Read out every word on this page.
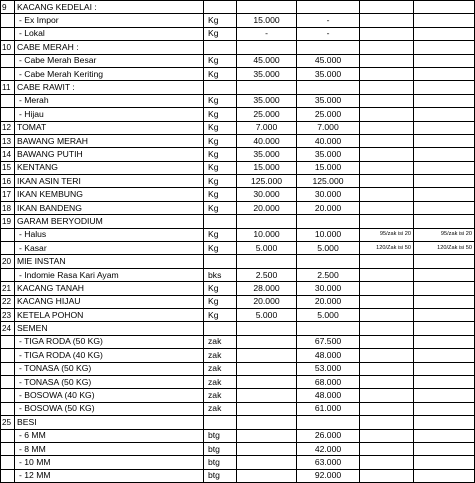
9	KACANG KEDELAI :					
	- Ex Impor	Kg	15.000	-		
	- Lokal	Kg	-	-		
10	CABE MERAH :					
	- Cabe Merah Besar	Kg	45.000	45.000		
	- Cabe Merah Keriting	Kg	35.000	35.000		
11	CABE RAWIT :					
	- Merah	Kg	35.000	35.000		
	- Hijau	Kg	25.000	25.000		
12	TOMAT	Kg	7.000	7.000		
13	BAWANG MERAH	Kg	40.000	40.000		
14	BAWANG PUTIH	Kg	35.000	35.000		
15	KENTANG	Kg	15.000	15.000		
16	IKAN ASIN TERI	Kg	125.000	125.000		
17	IKAN KEMBUNG	Kg	30.000	30.000		
18	IKAN BANDENG	Kg	20.000	20.000		
19	GARAM BERYODIUM					
	- Halus	Kg	10.000	10.000	95/zak isi 20	95/zak isi 20
	- Kasar	Kg	5.000	5.000	120/Zak isi 50	120/Zak isi 50
20	MIE INSTAN					
	- Indomie Rasa Kari Ayam	bks	2.500	2.500		
21	KACANG TANAH	Kg	28.000	30.000		
22	KACANG HIJAU	Kg	20.000	20.000		
23	KETELA POHON	Kg	5.000	5.000		
24	SEMEN					
	- TIGA RODA (50 KG)	zak		67.500		
	- TIGA RODA (40 KG)	zak		48.000		
	- TONASA (50 KG)	zak		53.000		
	- TONASA (50 KG)	zak		68.000		
	- BOSOWA (40 KG)	zak		48.000		
	- BOSOWA (50 KG)	zak		61.000		
25	BESI					
	- 6 MM	btg		26.000		
	- 8 MM	btg		42.000		
	- 10 MM	btg		63.000		
	- 12 MM	btg		92.000		
